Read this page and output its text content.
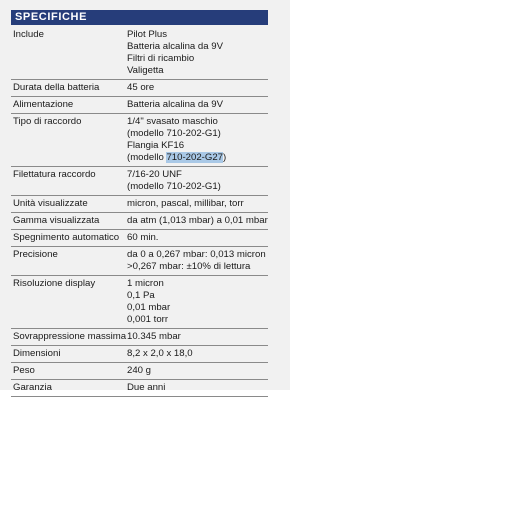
SPECIFICHE
Include	Pilot Plus
Batteria alcalina da 9V
Filtri di ricambio
Valigetta
Durata della batteria	45 ore
Alimentazione	Batteria alcalina da 9V
Tipo di raccordo	1/4" svasato maschio
(modello 710-202-G1)
Flangia KF16
(modello 710-202-G27)
Filettatura raccordo	7/16-20 UNF
(modello 710-202-G1)
Unità visualizzate	micron, pascal, millibar, torr
Gamma visualizzata	da atm (1,013 mbar) a 0,01 mbar
Spegnimento automatico 60 min.
Precisione	da 0 a 0,267 mbar: 0,013 micron
>0,267 mbar: ±10% di lettura
Risoluzione display	1 micron
0,1 Pa
0,01 mbar
0,001 torr
Sovrappressione massima 10.345 mbar
Dimensioni	8,2 x 2,0 x 18,0
Peso	240 g
Garanzia	Due anni
